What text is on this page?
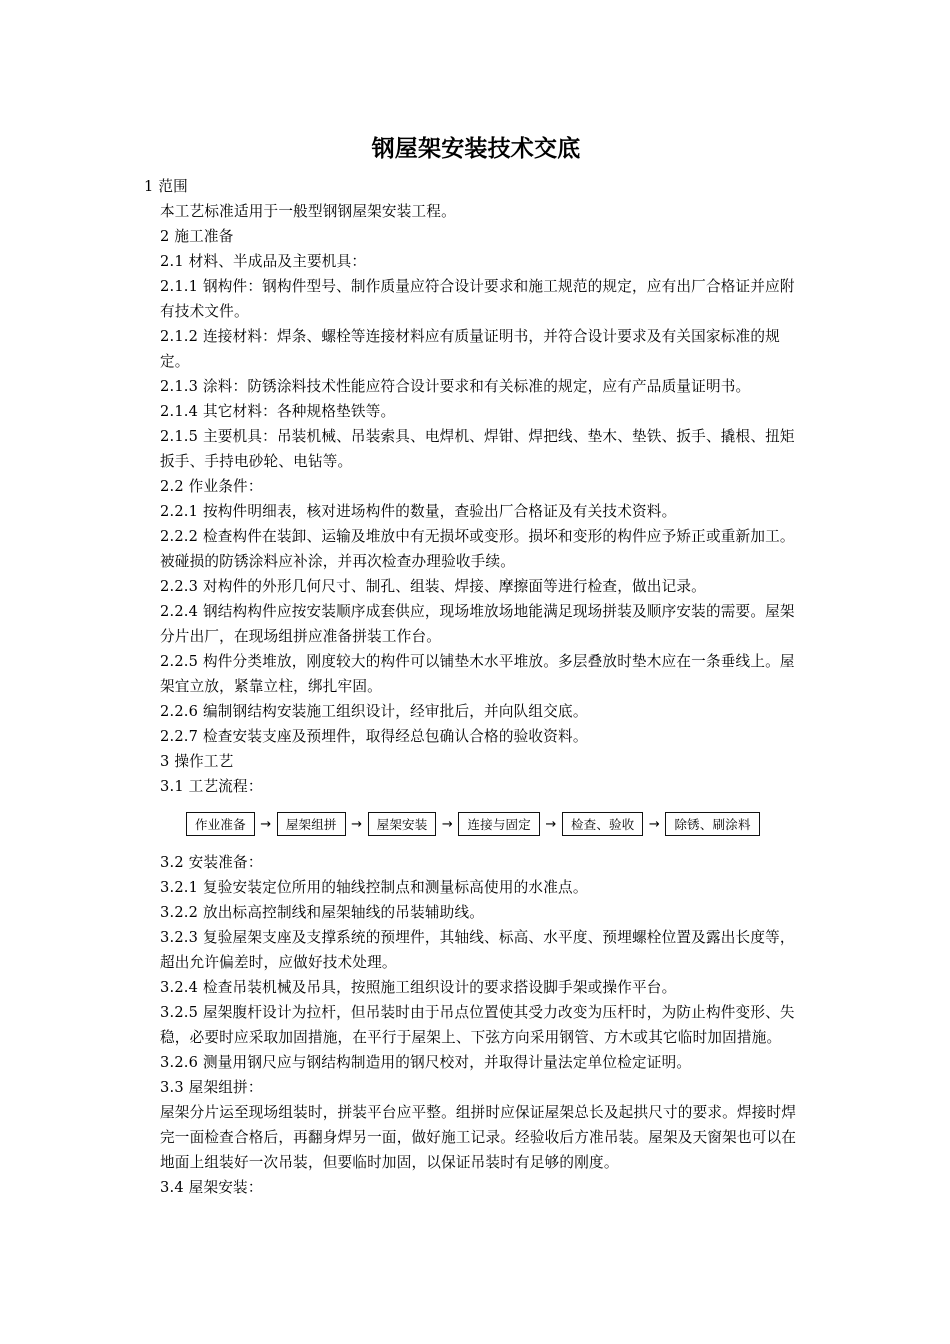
钢屋架安装技术交底

1 范围

本工艺标准适用于一般型钢钢屋架安装工程。

2 施工准备

2.1 材料、半成品及主要机具：

2.1.1 钢构件：钢构件型号、制作质量应符合设计要求和施工规范的规定，应有出厂合格证并应附有技术文件。

2.1.2 连接材料：焊条、螺栓等连接材料应有质量证明书，并符合设计要求及有关国家标准的规定。

2.1.3 涂料：防锈涂料技术性能应符合设计要求和有关标准的规定，应有产品质量证明书。

2.1.4 其它材料：各种规格垫铁等。

2.1.5 主要机具：吊装机械、吊装索具、电焊机、焊钳、焊把线、垫木、垫铁、扳手、撬根、扭矩扳手、手持电砂轮、电钻等。

2.2 作业条件：

2.2.1 按构件明细表，核对进场构件的数量，查验出厂合格证及有关技术资料。

2.2.2 检查构件在装卸、运输及堆放中有无损坏或变形。损坏和变形的构件应予矫正或重新加工。被碰损的防锈涂料应补涂，并再次检查办理验收手续。

2.2.3 对构件的外形几何尺寸、制孔、组装、焊接、摩擦面等进行检查，做出记录。

2.2.4 钢结构构件应按安装顺序成套供应，现场堆放场地能满足现场拼装及顺序安装的需要。屋架分片出厂，在现场组拼应准备拼装工作台。

2.2.5 构件分类堆放，刚度较大的构件可以铺垫木水平堆放。多层叠放时垫木应在一条垂线上。屋架宜立放，紧靠立柱，绑扎牢固。

2.2.6 编制钢结构安装施工组织设计，经审批后，并向队组交底。

2.2.7 检查安装支座及预埋件，取得经总包确认合格的验收资料。

3 操作工艺

3.1 工艺流程：

作业准备	→	屋架组拼	→	屋架安装	→	连接与固定	→	检查、验收	→	除锈、刷涂料

3.2 安装准备：

3.2.1 复验安装定位所用的轴线控制点和测量标高使用的水准点。

3.2.2 放出标高控制线和屋架轴线的吊装辅助线。

3.2.3 复验屋架支座及支撑系统的预埋件，其轴线、标高、水平度、预埋螺栓位置及露出长度等，超出允许偏差时，应做好技术处理。

3.2.4 检查吊装机械及吊具，按照施工组织设计的要求搭设脚手架或操作平台。

3.2.5 屋架腹杆设计为拉杆，但吊装时由于吊点位置使其受力改变为压杆时，为防止构件变形、失稳，必要时应采取加固措施，在平行于屋架上、下弦方向采用钢管、方木或其它临时加固措施。

3.2.6 测量用钢尺应与钢结构制造用的钢尺校对，并取得计量法定单位检定证明。

3.3 屋架组拼：

屋架分片运至现场组装时，拼装平台应平整。组拼时应保证屋架总长及起拱尺寸的要求。焊接时焊完一面检查合格后，再翻身焊另一面，做好施工记录。经验收后方准吊装。屋架及天窗架也可以在地面上组装好一次吊装，但要临时加固，以保证吊装时有足够的刚度。

3.4 屋架安装：
